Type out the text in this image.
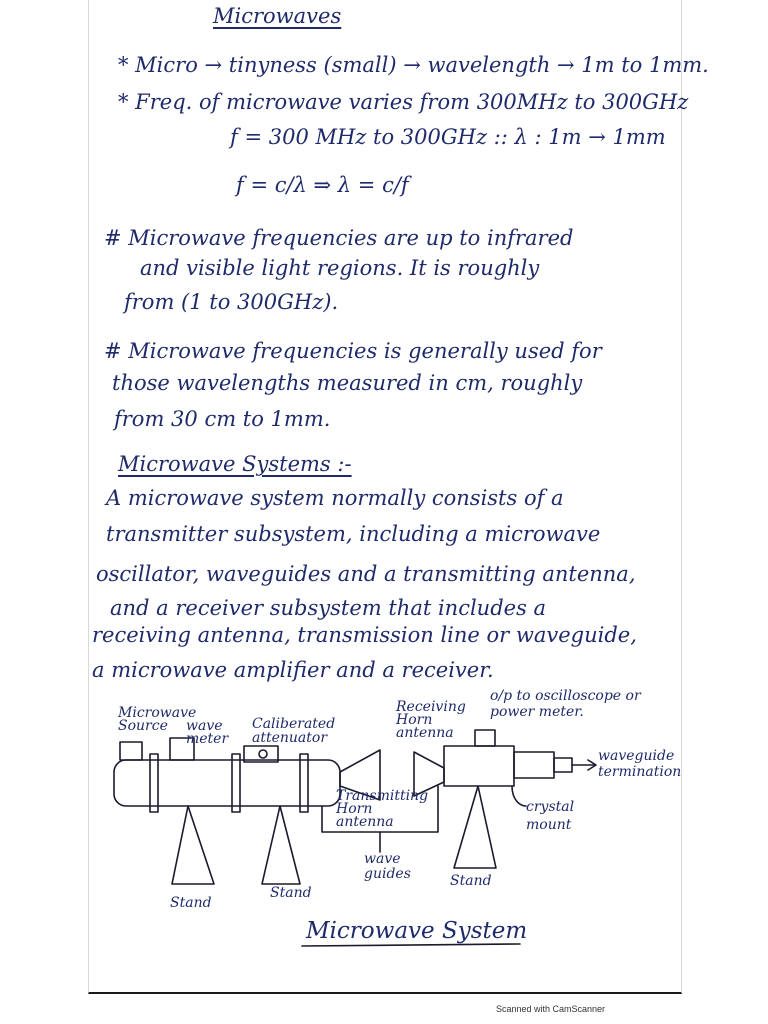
Microwaves
* Micro → tinyness (small) → wavelength → 1m to 1mm.
* Freq. of microwave varies from 300MHz to 300GHz
f = 300 MHz to 300GHz :: λ : 1m → 1mm
f = c/λ ⇒ λ = c/f
# Microwave frequencies are up to infrared
and visible light regions. It is roughly
from (1 to 300GHz).
# Microwave frequencies is generally used for
those wavelengths measured in cm, roughly
from 30 cm to 1mm.
Microwave Systems :-
A microwave system normally consists of a
transmitter subsystem, including a microwave
oscillator, waveguides and a transmitting antenna,
and a receiver subsystem that includes a
receiving antenna, transmission line or waveguide,
a microwave amplifier and a receiver.
Microwave Source	wave meter
Caliberated attenuator
Receiving Horn antenna
o/p to oscilloscope or power meter.
waveguide termination
Transmitting Horn antenna
crystal mount
wave guides
Stand
Stand
Stand
Microwave System
Scanned with CamScanner
